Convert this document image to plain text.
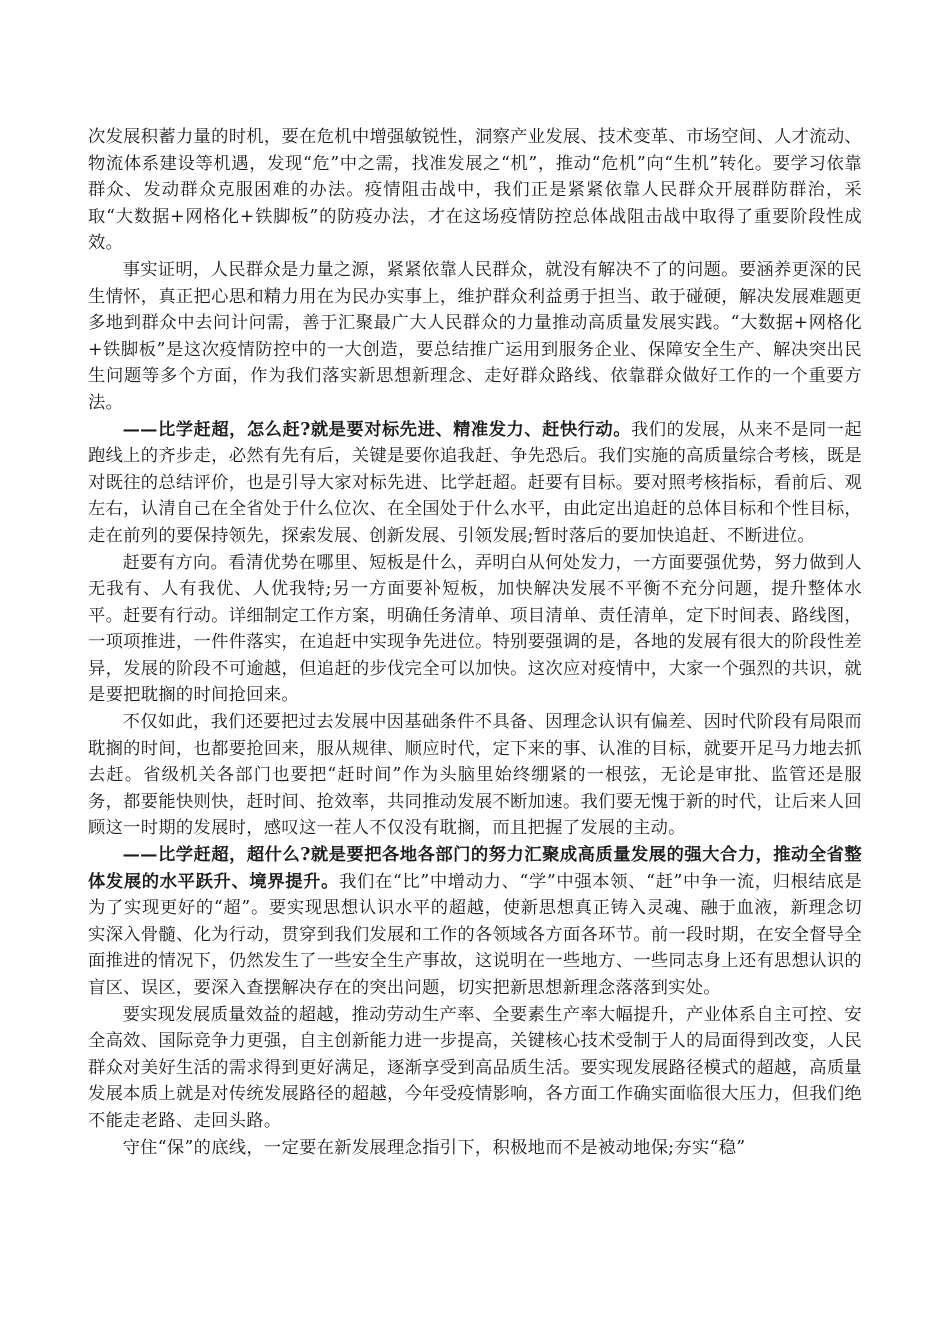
次发展积蓄力量的时机，要在危机中增强敏锐性，洞察产业发展、技术变革、市场空间、人才流动、物流体系建设等机遇，发现“危”中之需，找准发展之“机”，推动“危机”向“生机”转化。要学习依靠群众、发动群众克服困难的办法。疫情阻击战中，我们正是紧紧依靠人民群众开展群防群治，采取“大数据+网格化+铁脚板”的防疫办法，才在这场疫情防控总体战阻击战中取得了重要阶段性成效。

事实证明，人民群众是力量之源，紧紧依靠人民群众，就没有解决不了的问题。要涵养更深的民生情怀，真正把心思和精力用在为民办实事上，维护群众利益勇于担当、敢于碰硬，解决发展难题更多地到群众中去问计问需，善于汇聚最广大人民群众的力量推动高质量发展实践。“大数据+网格化+铁脚板”是这次疫情防控中的一大创造，要总结推广运用到服务企业、保障安全生产、解决突出民生问题等多个方面，作为我们落实新思想新理念、走好群众路线、依靠群众做好工作的一个重要方法。

——比学赶超，怎么赶?就是要对标先进、精准发力、赶快行动。我们的发展，从来不是同一起跑线上的齐步走，必然有先有后，关键是要你追我赶、争先恐后。我们实施的高质量综合考核，既是对既往的总结评价，也是引导大家对标先进、比学赶超。赶要有目标。要对照考核指标，看前后、观左右，认清自己在全省处于什么位次、在全国处于什么水平，由此定出追赶的总体目标和个性目标，走在前列的要保持领先，探索发展、创新发展、引领发展;暂时落后的要加快追赶、不断进位。

赶要有方向。看清优势在哪里、短板是什么，弄明白从何处发力，一方面要强优势，努力做到人无我有、人有我优、人优我特;另一方面要补短板，加快解决发展不平衡不充分问题，提升整体水平。赶要有行动。详细制定工作方案，明确任务清单、项目清单、责任清单，定下时间表、路线图，一项项推进，一件件落实，在追赶中实现争先进位。特别要强调的是，各地的发展有很大的阶段性差异，发展的阶段不可逾越，但追赶的步伐完全可以加快。这次应对疫情中，大家一个强烈的共识，就是要把耽搁的时间抢回来。

不仅如此，我们还要把过去发展中因基础条件不具备、因理念认识有偏差、因时代阶段有局限而耽搁的时间，也都要抢回来，服从规律、顺应时代，定下来的事、认准的目标，就要开足马力地去抓去赶。省级机关各部门也要把“赶时间”作为头脑里始终绷紧的一根弦，无论是审批、监管还是服务，都要能快则快，赶时间、抢效率，共同推动发展不断加速。我们要无愧于新的时代，让后来人回顾这一时期的发展时，感叹这一茬人不仅没有耽搁，而且把握了发展的主动。

——比学赶超，超什么?就是要把各地各部门的努力汇聚成高质量发展的强大合力，推动全省整体发展的水平跃升、境界提升。我们在“比”中增动力、“学”中强本领、“赶”中争一流，归根结底是为了实现更好的“超”。要实现思想认识水平的超越，使新思想真正铸入灵魂、融于血液，新理念切实深入骨髓、化为行动，贯穿到我们发展和工作的各领域各方面各环节。前一段时期，在安全督导全面推进的情况下，仍然发生了一些安全生产事故，这说明在一些地方、一些同志身上还有思想认识的盲区、误区，要深入查摆解决存在的突出问题，切实把新思想新理念落落到实处。

要实现发展质量效益的超越，推动劳动生产率、全要素生产率大幅提升，产业体系自主可控、安全高效、国际竞争力更强，自主创新能力进一步提高，关键核心技术受制于人的局面得到改变，人民群众对美好生活的需求得到更好满足，逐渐享受到高品质生活。要实现发展路径模式的超越，高质量发展本质上就是对传统发展路径的超越，今年受疫情影响，各方面工作确实面临很大压力，但我们绝不能走老路、走回头路。

守住“保”的底线，一定要在新发展理念指引下，积极地而不是被动地保;夯实“稳”
